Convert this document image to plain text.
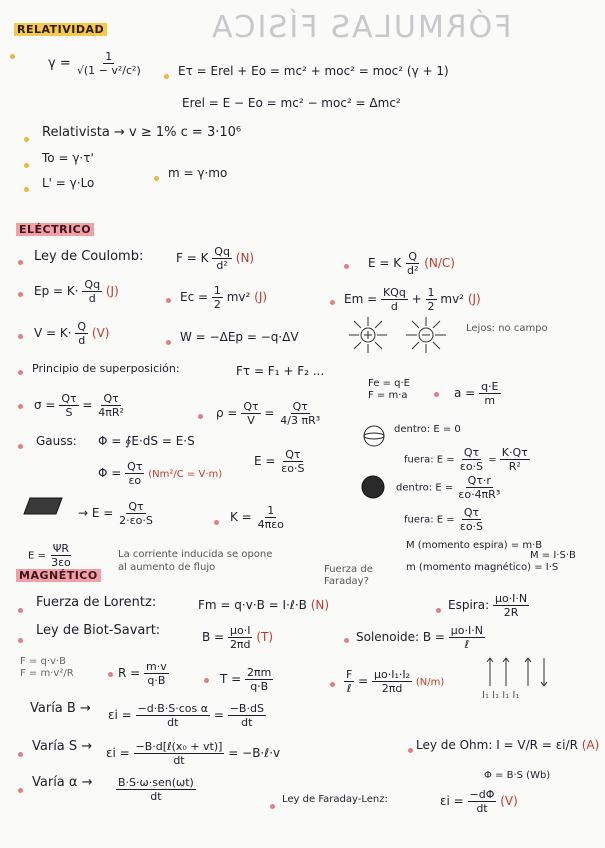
FÓRMULAS FÍSICA
RELATIVIDAD
$\gamma = \frac{1}{\text{√(1 − v²/c²)}}$	Eτ = Erel + Eo = mc² + moc² = moc² (γ + 1)
Erel = E − Eo = mc² − moc² = Δmc²
Relativista → v ≥ 1% c = 3·10⁶
To = γ·τ'
L' = γ·Lo
m = γ·mo
ELÉCTRICO
Ley de Coulomb:	F = K $\frac{Qq}{\text{d²}} (N)$	E = K $\frac{Q}{\text{d²}} (N/C)$
$Ep = K\cdot \frac{Qq}{d} (J)$	$Ec = \frac{1}{2} mv^2$ (J)	$Em = \frac{\text{KQq}}{d} + \frac{1}{2} mv^2$ (J)
$V = K\cdot \frac{Q}{d} (V)$	W = −ΔEp = −q·ΔV
Lejos: no campo
Principio de superposición:	Fτ = F₁ + F₂ ...
Fe = q·E
F = m·a	$a = \frac{q\cdot E}{m}$
$\sigma = \frac{Q\tau}{S} = \frac{Q\tau}{\text{4πR²}}$	$\rho = \frac{Q\tau}{V} = \frac{Q\tau}{\text{4/3 πR³}}$
Gauss: Φ = ∮E·dS = E·S
$\Phi = \frac{Q\tau}{\varepsilon o} (Nm^2/C = V\cdot m)$
$E = \frac{Q\tau}{\varepsilon o\cdot S}$
dentro: E = 0
fuera: $E = \frac{Q\tau}{\varepsilon o\cdot S} = \frac{K\cdot Q\tau}{\text{R²}}$
dentro: $E = \frac{Q\tau\cdot r}{\text{εo·4πR³}}$
fuera: $E = \frac{Q\tau}{\varepsilon o\cdot S}$
→ $E = \frac{Q\tau}{2\cdot\varepsilon o\cdot S}$	$K = \frac{1}{\text{4πεo}}$
$E = \frac{\Psi R}{3\varepsilon o}$
MAGNÉTICO
La corriente inducida se opone al aumento de flujo	Fuerza de Faraday?
M (momento espira) = m·B
m (momento magnético) = I·S
M = I·S·B
Fuerza de Lorentz:	Fm = q·v·B = I·ℓ·B (N)	Espira: $\frac{\mu o\cdot I\cdot N}{2R}$
Ley de Biot-Savart:	$B = \frac{\mu o\cdot I}{2\pi d} (T)$	Solenoide: $B = \frac{\mu o\cdot I\cdot N}{\text{ℓ}}$
F = q·v·B
F = m·v²/R	$R = \frac{m\cdot v}{q\cdot B}$	$T = \frac{2\pi m}{q\cdot B}$	$\frac{F}{\text{ℓ}} = \frac{\text{μo·I₁·I₂}}{2\pi d} (N/m)$
I₁ I₁ I₁ I₁
Varía $B \to \varepsilon i = \frac{\text{−d·B·S·cos α}}{dt} = \frac{-B\cdot dS}{dt}$
Varía $S \to \varepsilon i = \frac{\text{−B·d[ℓ(x₀ + vt)]}}{dt}$ = −B·ℓ·v
Ley de Ohm: I = V/R = εi/R (A)
Varía $\alpha \to \frac{\text{B·S·ω·sen(ωt)}}{dt}$
Φ = B·S (Wb)
Ley de Faraday-Lenz:	$\varepsilon i = \frac{-d\Phi}{dt} (V)$
